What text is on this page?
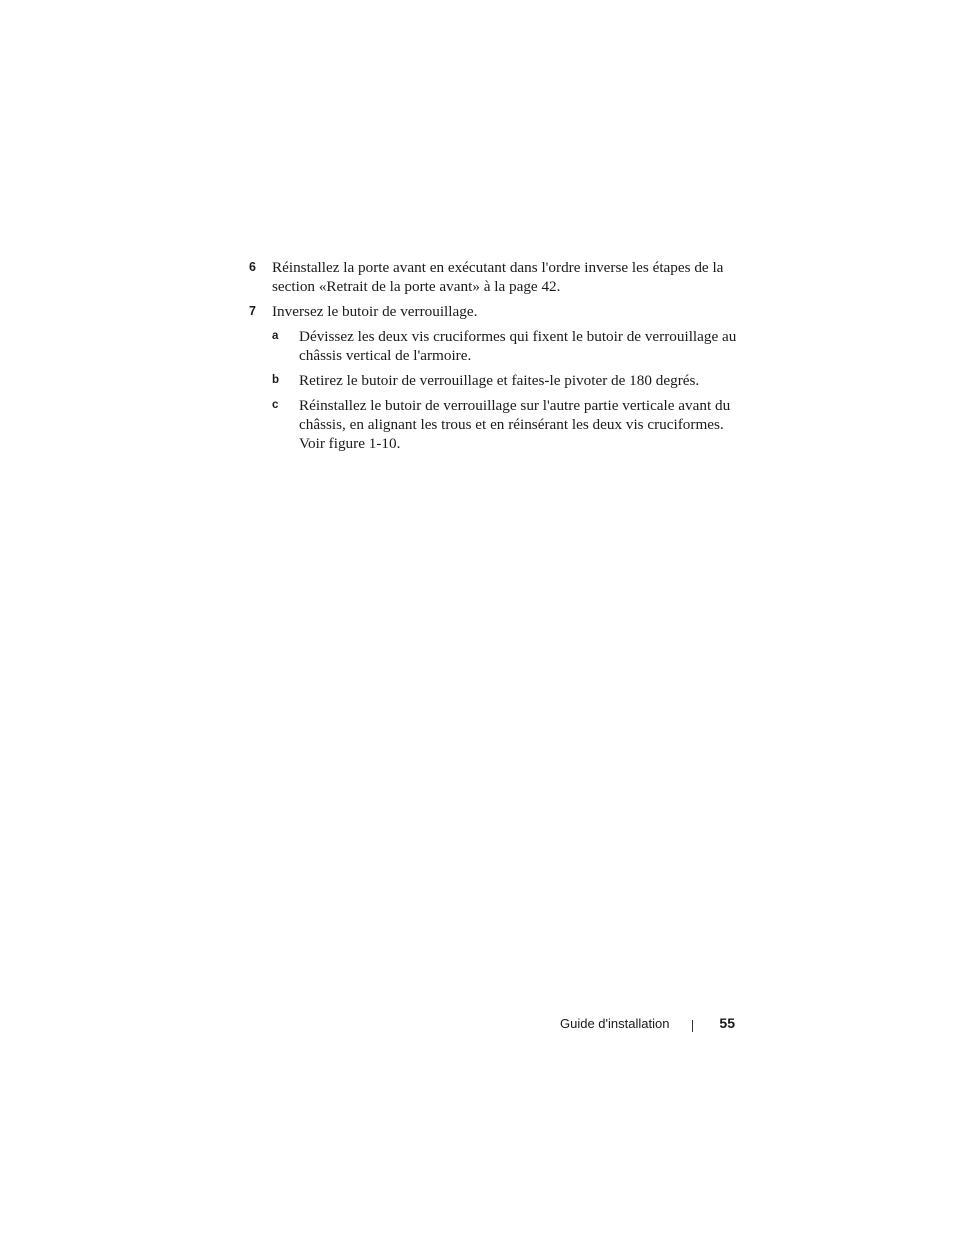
6 Réinstallez la porte avant en exécutant dans l'ordre inverse les étapes de la section «Retrait de la porte avant» à la page 42.
7 Inversez le butoir de verrouillage.
a Dévissez les deux vis cruciformes qui fixent le butoir de verrouillage au châssis vertical de l'armoire.
b Retirez le butoir de verrouillage et faites-le pivoter de 180 degrés.
c Réinstallez le butoir de verrouillage sur l'autre partie verticale avant du châssis, en alignant les trous et en réinsérant les deux vis cruciformes. Voir figure 1-10.
Guide d'installation	55
